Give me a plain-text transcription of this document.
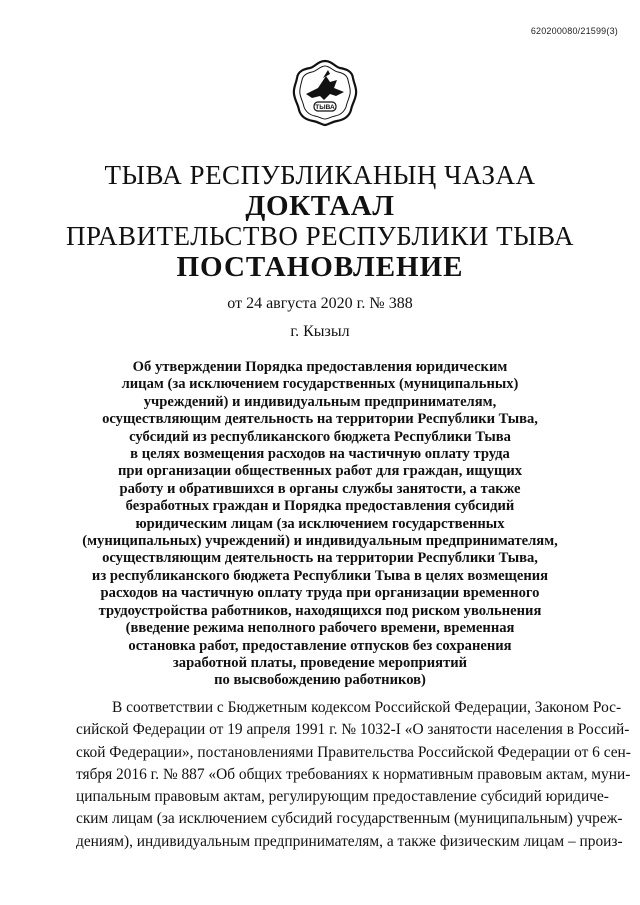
620200080/21599(3)
ТЫВА
ТЫВА РЕСПУБЛИКАНЫҢ ЧАЗАА
ДОКТААЛ
ПРАВИТЕЛЬСТВО РЕСПУБЛИКИ ТЫВА
ПОСТАНОВЛЕНИЕ
от 24 августа 2020 г. № 388
г. Кызыл
Об утверждении Порядка предоставления юридическим
лицам (за исключением государственных (муниципальных)
учреждений) и индивидуальным предпринимателям,
осуществляющим деятельность на территории Республики Тыва,
субсидий из республиканского бюджета Республики Тыва
в целях возмещения расходов на частичную оплату труда
при организации общественных работ для граждан, ищущих
работу и обратившихся в органы службы занятости, а также
безработных граждан и Порядка предоставления субсидий
юридическим лицам (за исключением государственных
(муниципальных) учреждений) и индивидуальным предпринимателям,
осуществляющим деятельность на территории Республики Тыва,
из республиканского бюджета Республики Тыва в целях возмещения
расходов на частичную оплату труда при организации временного
трудоустройства работников, находящихся под риском увольнения
(введение режима неполного рабочего времени, временная
остановка работ, предоставление отпусков без сохранения
заработной платы, проведение мероприятий
по высвобождению работников)
В соответствии с Бюджетным кодексом Российской Федерации, Законом Рос-
сийской Федерации от 19 апреля 1991 г. № 1032-I «О занятости населения в Россий-
ской Федерации», постановлениями Правительства Российской Федерации от 6 сен-
тября 2016 г. № 887 «Об общих требованиях к нормативным правовым актам, муни-
ципальным правовым актам, регулирующим предоставление субсидий юридиче-
ским лицам (за исключением субсидий государственным (муниципальным) учреж-
дениям), индивидуальным предпринимателям, а также физическим лицам – произ-
